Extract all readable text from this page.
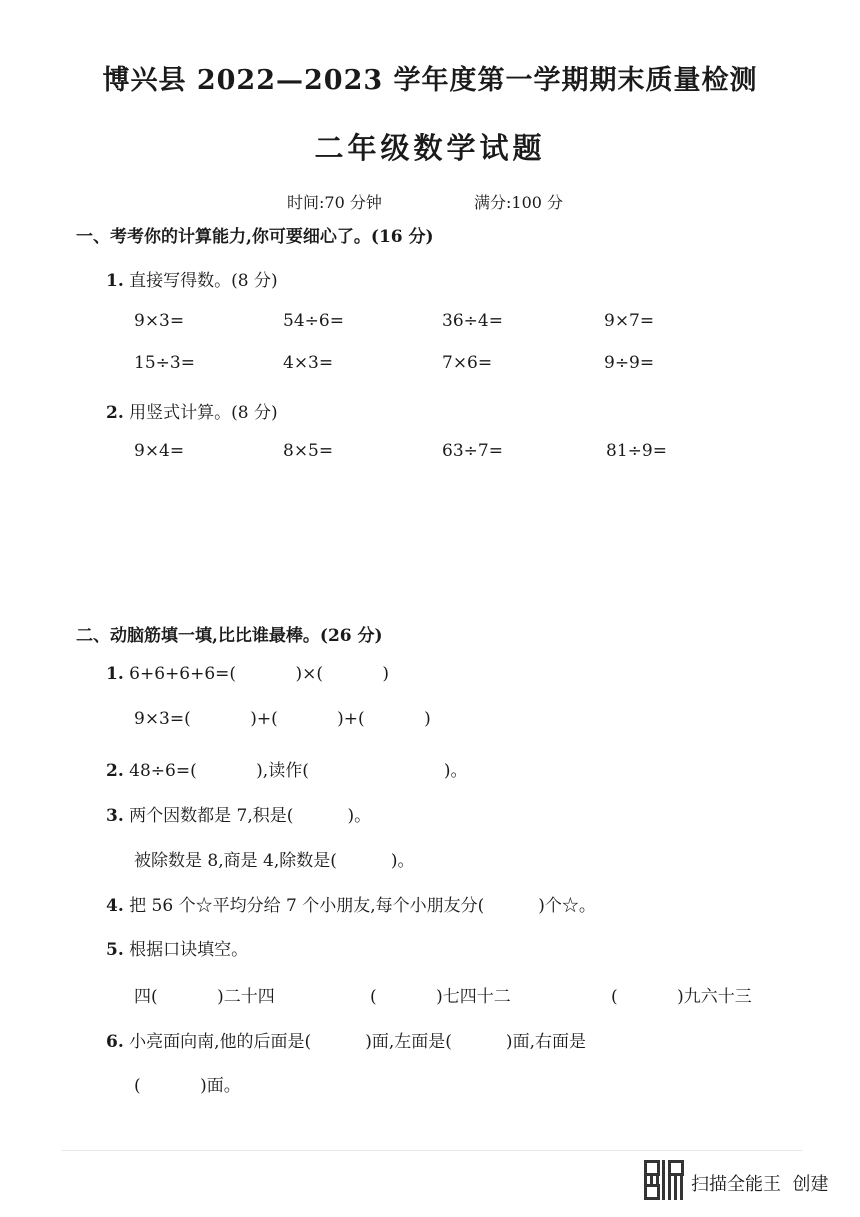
博兴县 2022—2023 学年度第一学期期末质量检测
二年级数学试题
时间:70 分钟	满分:100 分
一、考考你的计算能力,你可要细心了。(16 分)
1. 直接写得数。(8 分)
9×3=	54÷6=	36÷4=	9×7=
15÷3=	4×3=	7×6=	9÷9=
2. 用竖式计算。(8 分)
9×4=	8×5=	63÷7=	81÷9=
二、动脑筋填一填,比比谁最棒。(26 分)
1. 6+6+6+6=(           )×(           )
9×3=(           )+(           )+(           )
2. 48÷6=(           ),读作(                         )。
3. 两个因数都是 7,积是(          )。
被除数是 8,商是 4,除数是(          )。
4. 把 56 个☆平均分给 7 个小朋友,每个小朋友分(          )个☆。
5. 根据口诀填空。
四(           )二十四	(           )七四十二	(           )九六十三
6. 小亮面向南,他的后面是(          )面,左面是(          )面,右面是
(           )面。
扫描全能王  创建
